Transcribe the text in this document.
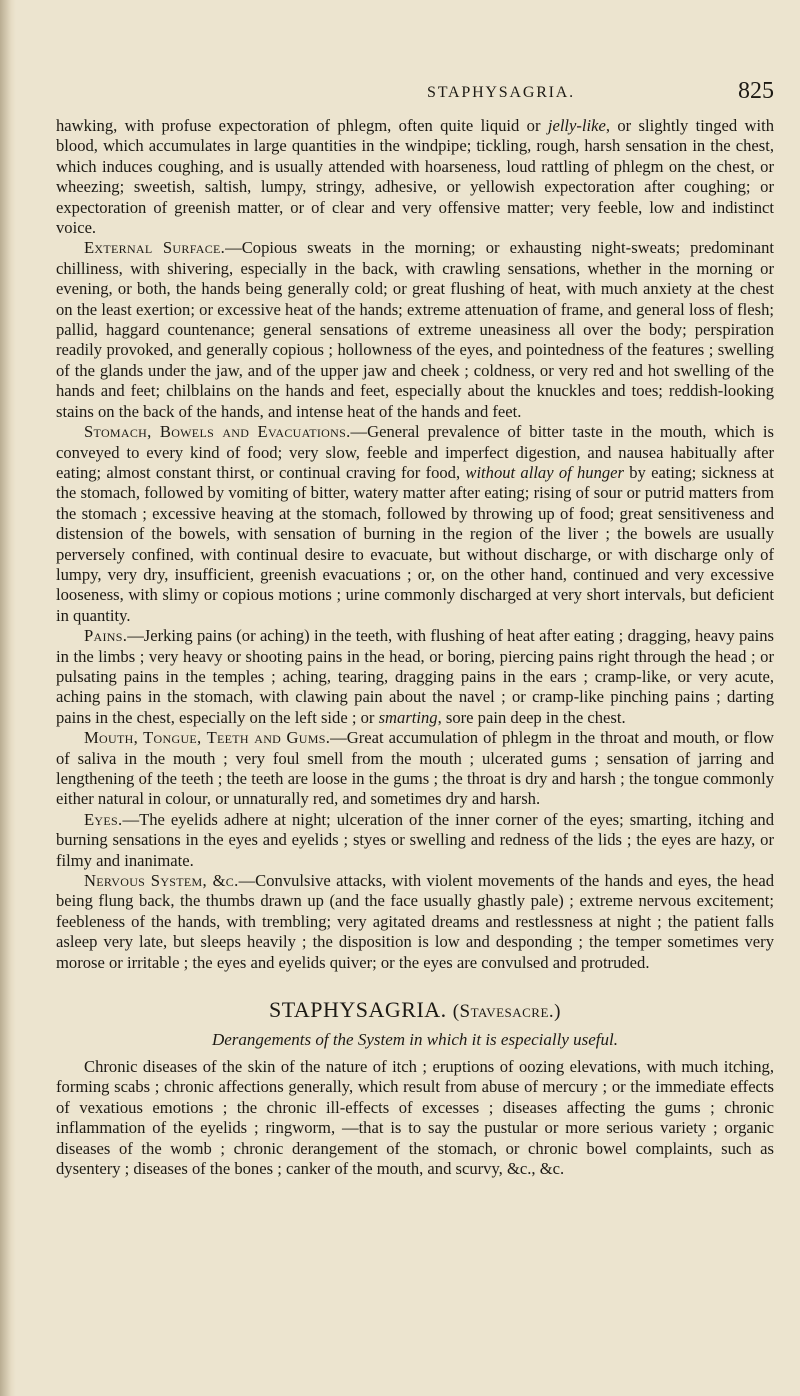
STAPHYSAGRIA.	825

hawking, with profuse expectoration of phlegm, often quite liquid or jelly-like, or slightly tinged with blood, which accumulates in large quantities in the windpipe; tickling, rough, harsh sensation in the chest, which induces coughing, and is usually attended with hoarseness, loud rattling of phlegm on the chest, or wheezing; sweetish, saltish, lumpy, stringy, adhesive, or yellowish expectoration after coughing; or expectoration of greenish matter, or of clear and very offensive matter; very feeble, low and indistinct voice.

External Surface.—Copious sweats in the morning; or exhausting night-sweats; predominant chilliness, with shivering, especially in the back, with crawling sensations, whether in the morning or evening, or both, the hands being generally cold; or great flushing of heat, with much anxiety at the chest on the least exertion; or excessive heat of the hands; extreme attenuation of frame, and general loss of flesh; pallid, haggard countenance; general sensations of extreme uneasiness all over the body; perspiration readily provoked, and generally copious ; hollowness of the eyes, and pointedness of the features ; swelling of the glands under the jaw, and of the upper jaw and cheek ; coldness, or very red and hot swelling of the hands and feet; chilblains on the hands and feet, especially about the knuckles and toes; reddish-looking stains on the back of the hands, and intense heat of the hands and feet.

Stomach, Bowels and Evacuations.—General prevalence of bitter taste in the mouth, which is conveyed to every kind of food; very slow, feeble and imperfect digestion, and nausea habitually after eating; almost constant thirst, or continual craving for food, without allay of hunger by eating; sickness at the stomach, followed by vomiting of bitter, watery matter after eating; rising of sour or putrid matters from the stomach ; excessive heaving at the stomach, followed by throwing up of food; great sensitiveness and distension of the bowels, with sensation of burning in the region of the liver ; the bowels are usually perversely confined, with continual desire to evacuate, but without discharge, or with discharge only of lumpy, very dry, insufficient, greenish evacuations ; or, on the other hand, continued and very excessive looseness, with slimy or copious motions ; urine commonly discharged at very short intervals, but deficient in quantity.

Pains.—Jerking pains (or aching) in the teeth, with flushing of heat after eating ; dragging, heavy pains in the limbs ; very heavy or shooting pains in the head, or boring, piercing pains right through the head ; or pulsating pains in the temples ; aching, tearing, dragging pains in the ears ; cramp-like, or very acute, aching pains in the stomach, with clawing pain about the navel ; or cramp-like pinching pains ; darting pains in the chest, especially on the left side ; or smarting, sore pain deep in the chest.

Mouth, Tongue, Teeth and Gums.—Great accumulation of phlegm in the throat and mouth, or flow of saliva in the mouth ; very foul smell from the mouth ; ulcerated gums ; sensation of jarring and lengthening of the teeth ; the teeth are loose in the gums ; the throat is dry and harsh ; the tongue commonly either natural in colour, or unnaturally red, and sometimes dry and harsh.

Eyes.—The eyelids adhere at night; ulceration of the inner corner of the eyes; smarting, itching and burning sensations in the eyes and eyelids ; styes or swelling and redness of the lids ; the eyes are hazy, or filmy and inanimate.

Nervous System, &c.—Convulsive attacks, with violent movements of the hands and eyes, the head being flung back, the thumbs drawn up (and the face usually ghastly pale) ; extreme nervous excitement; feebleness of the hands, with trembling; very agitated dreams and restlessness at night ; the patient falls asleep very late, but sleeps heavily ; the disposition is low and desponding ; the temper sometimes very morose or irritable ; the eyes and eyelids quiver; or the eyes are convulsed and protruded.

STAPHYSAGRIA. (Stavesacre.)
Derangements of the System in which it is especially useful.

Chronic diseases of the skin of the nature of itch ; eruptions of oozing elevations, with much itching, forming scabs ; chronic affections generally, which result from abuse of mercury ; or the immediate effects of vexatious emotions ; the chronic ill-effects of excesses ; diseases affecting the gums ; chronic inflammation of the eyelids ; ringworm, —that is to say the pustular or more serious variety ; organic diseases of the womb ; chronic derangement of the stomach, or chronic bowel complaints, such as dysentery ; diseases of the bones ; canker of the mouth, and scurvy, &c., &c.
